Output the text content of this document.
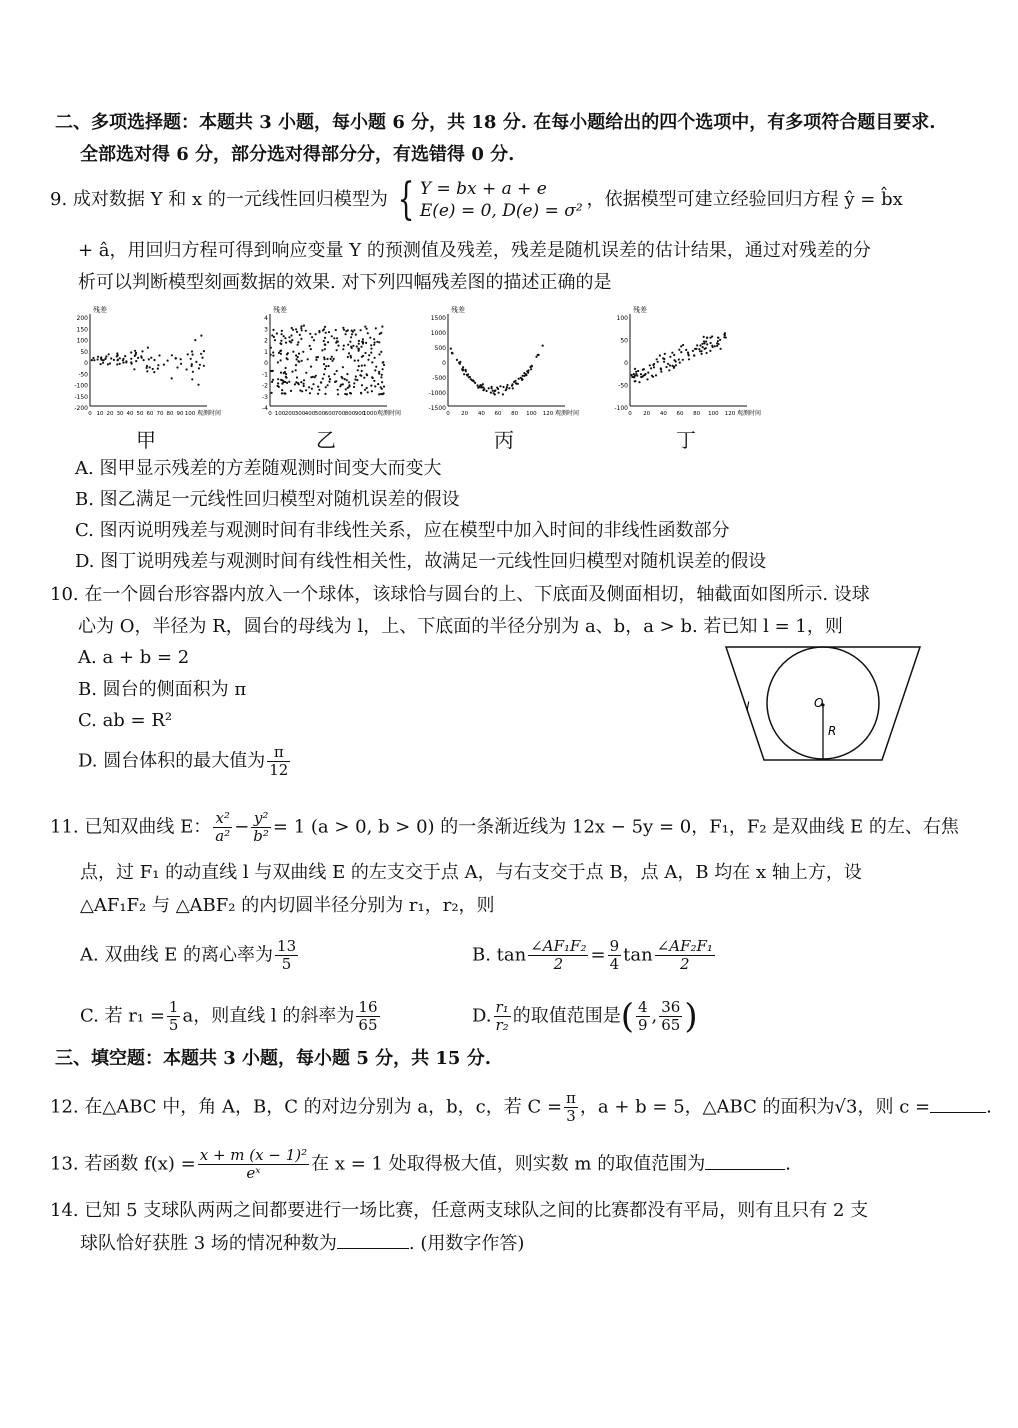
二、多项选择题：本题共 3 小题，每小题 6 分，共 18 分. 在每小题给出的四个选项中，有多项符合题目要求.
全部选对得 6 分，部分选对得部分分，有选错得 0 分.
9. 成对数据 Y 和 x 的一元线性回归模型为 { Y = bx + a + e
E(e) = 0, D(e) = σ²
，依据模型可建立经验回归方程 ŷ = b̂x
+ â，用回归方程可得到响应变量 Y 的预测值及残差，残差是随机误差的估计结果，通过对残差的分
析可以判断模型刻画数据的效果. 对下列四幅残差图的描述正确的是
残差
200
150
100
50
0
-50
-100
-150
-200
0 10 20 30 40 50 60 70 80 90 100 观测时间
残差
4
3
2
1
0
-1
-2
-3
-4
0 100 200 300 400 500 600 700 800 900
1000 观测时间
残差
1500
1000
500
0
-500
-1000
-1500
0 20 40 60 80 100 120 观测时间
残差
100
50
0
-50
-100
0 20 40 60 80 100 120 观测时间
甲	乙	丙	丁
A. 图甲显示残差的方差随观测时间变大而变大
B. 图乙满足一元线性回归模型对随机误差的假设
C. 图丙说明残差与观测时间有非线性关系，应在模型中加入时间的非线性函数部分
D. 图丁说明残差与观测时间有线性相关性，故满足一元线性回归模型对随机误差的假设
10. 在一个圆台形容器内放入一个球体，该球恰与圆台的上、下底面及侧面相切，轴截面如图所示. 设球
心为 O，半径为 R，圆台的母线为 l，上、下底面的半径分别为 a、b，a > b. 若已知 l = 1，则
A. a + b = 2
B. 圆台的侧面积为 π
C. ab = R²
D. 圆台体积的最大值为 $\frac{\pi}{12}$
O
R
l
11. 已知双曲线 E： $\frac{\text{x²}}{\text{a²}} - \frac{\text{y²}}{\text{b²}} = 1$ (a > 0, b > 0) 的一条渐近线为 12x − 5y = 0，F₁，F₂ 是双曲线 E 的左、右焦
点，过 F₁ 的动直线 l 与双曲线 E 的左支交于点 A，与右支交于点 B，点 A，B 均在 x 轴上方，设
△AF₁F₂ 与 △ABF₂ 的内切圆半径分别为 r₁，r₂，则
A. 双曲线 E 的离心率为 $\frac{13}{5}$	B. $\tan \frac{\text{∠AF₁F₂}}{2} = \frac{9}{4}$ $\tan \frac{\text{∠AF₂F₁}}{2}$
C. 若 $r_1 = \frac{1}{5}$ a，则直线 l 的斜率为 $\frac{16}{65}$	D. $\frac{\text{r₁}}{\text{r₂}}$ 的取值范围是( $\frac{4}{9}$ , $\frac{36}{65}$ )
三、填空题：本题共 3 小题，每小题 5 分，共 15 分.
12. 在△ABC 中，角 A，B，C 的对边分别为 a，b，c，若 $C = \frac{\pi}{3}$ ，a + b = 5，△ABC 的面积为√3，则 c =	.
13. 若函数 $f(x) = \frac{\text{x + m (x − 1)²}}{\text{eˣ}}$ 在 x = 1 处取得极大值，则实数 m 的取值范围为	.
14. 已知 5 支球队两两之间都要进行一场比赛，任意两支球队之间的比赛都没有平局，则有且只有 2 支
球队恰好获胜 3 场的情况种数为	. (用数字作答)
